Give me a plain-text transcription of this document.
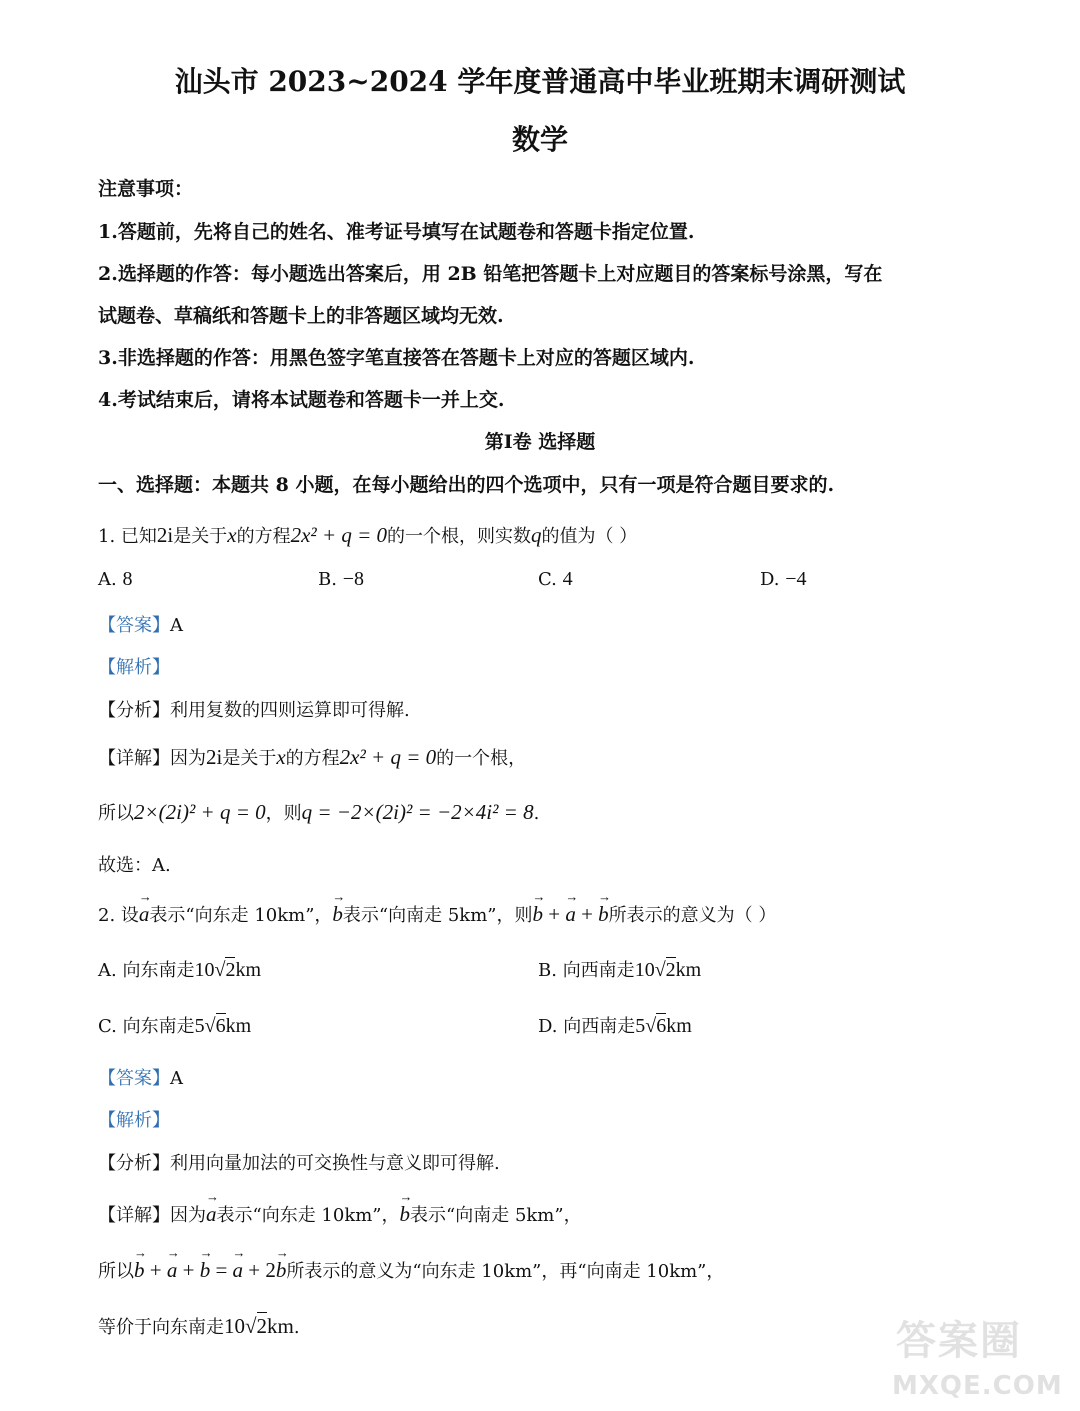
汕头市 2023~2024 学年度普通高中毕业班期末调研测试
数学
注意事项：
1.答题前，先将自己的姓名、准考证号填写在试题卷和答题卡指定位置.
2.选择题的作答：每小题选出答案后，用 2B 铅笔把答题卡上对应题目的答案标号涂黑，写在
试题卷、草稿纸和答题卡上的非答题区域均无效.
3.非选择题的作答：用黑色签字笔直接答在答题卡上对应的答题区域内.
4.考试结束后，请将本试题卷和答题卡一并上交.
第Ⅰ卷 选择题
一、选择题：本题共 8 小题，在每小题给出的四个选项中，只有一项是符合题目要求的.
1. 已知2i是关于x的方程2x² + q = 0的一个根，则实数q的值为（ ）
A. 8	B. −8	C. 4	D. −4
【答案】A
【解析】
【分析】利用复数的四则运算即可得解.
【详解】因为2i是关于x的方程2x² + q = 0的一个根，
所以2×(2i)² + q = 0，则q = −2×(2i)² = −2×4i² = 8.
故选：A.
2. 设→ a表示“向东走 10km”，→ b表示“向南走 5km”，则→ b + → a + → b所表示的意义为（ ）
A. 向东南走10√2km	B. 向西南走10√2km
C. 向东南走5√6km	D. 向西南走5√6km
【答案】A
【解析】
【分析】利用向量加法的可交换性与意义即可得解.
【详解】因为→ a表示“向东走 10km”，→ b表示“向南走 5km”，
所以→ b + → a + → b = → a + 2→ b所表示的意义为“向东走 10km”，再“向南走 10km”，
等价于向东南走10√2km.	答案圈
MXQE.COM
